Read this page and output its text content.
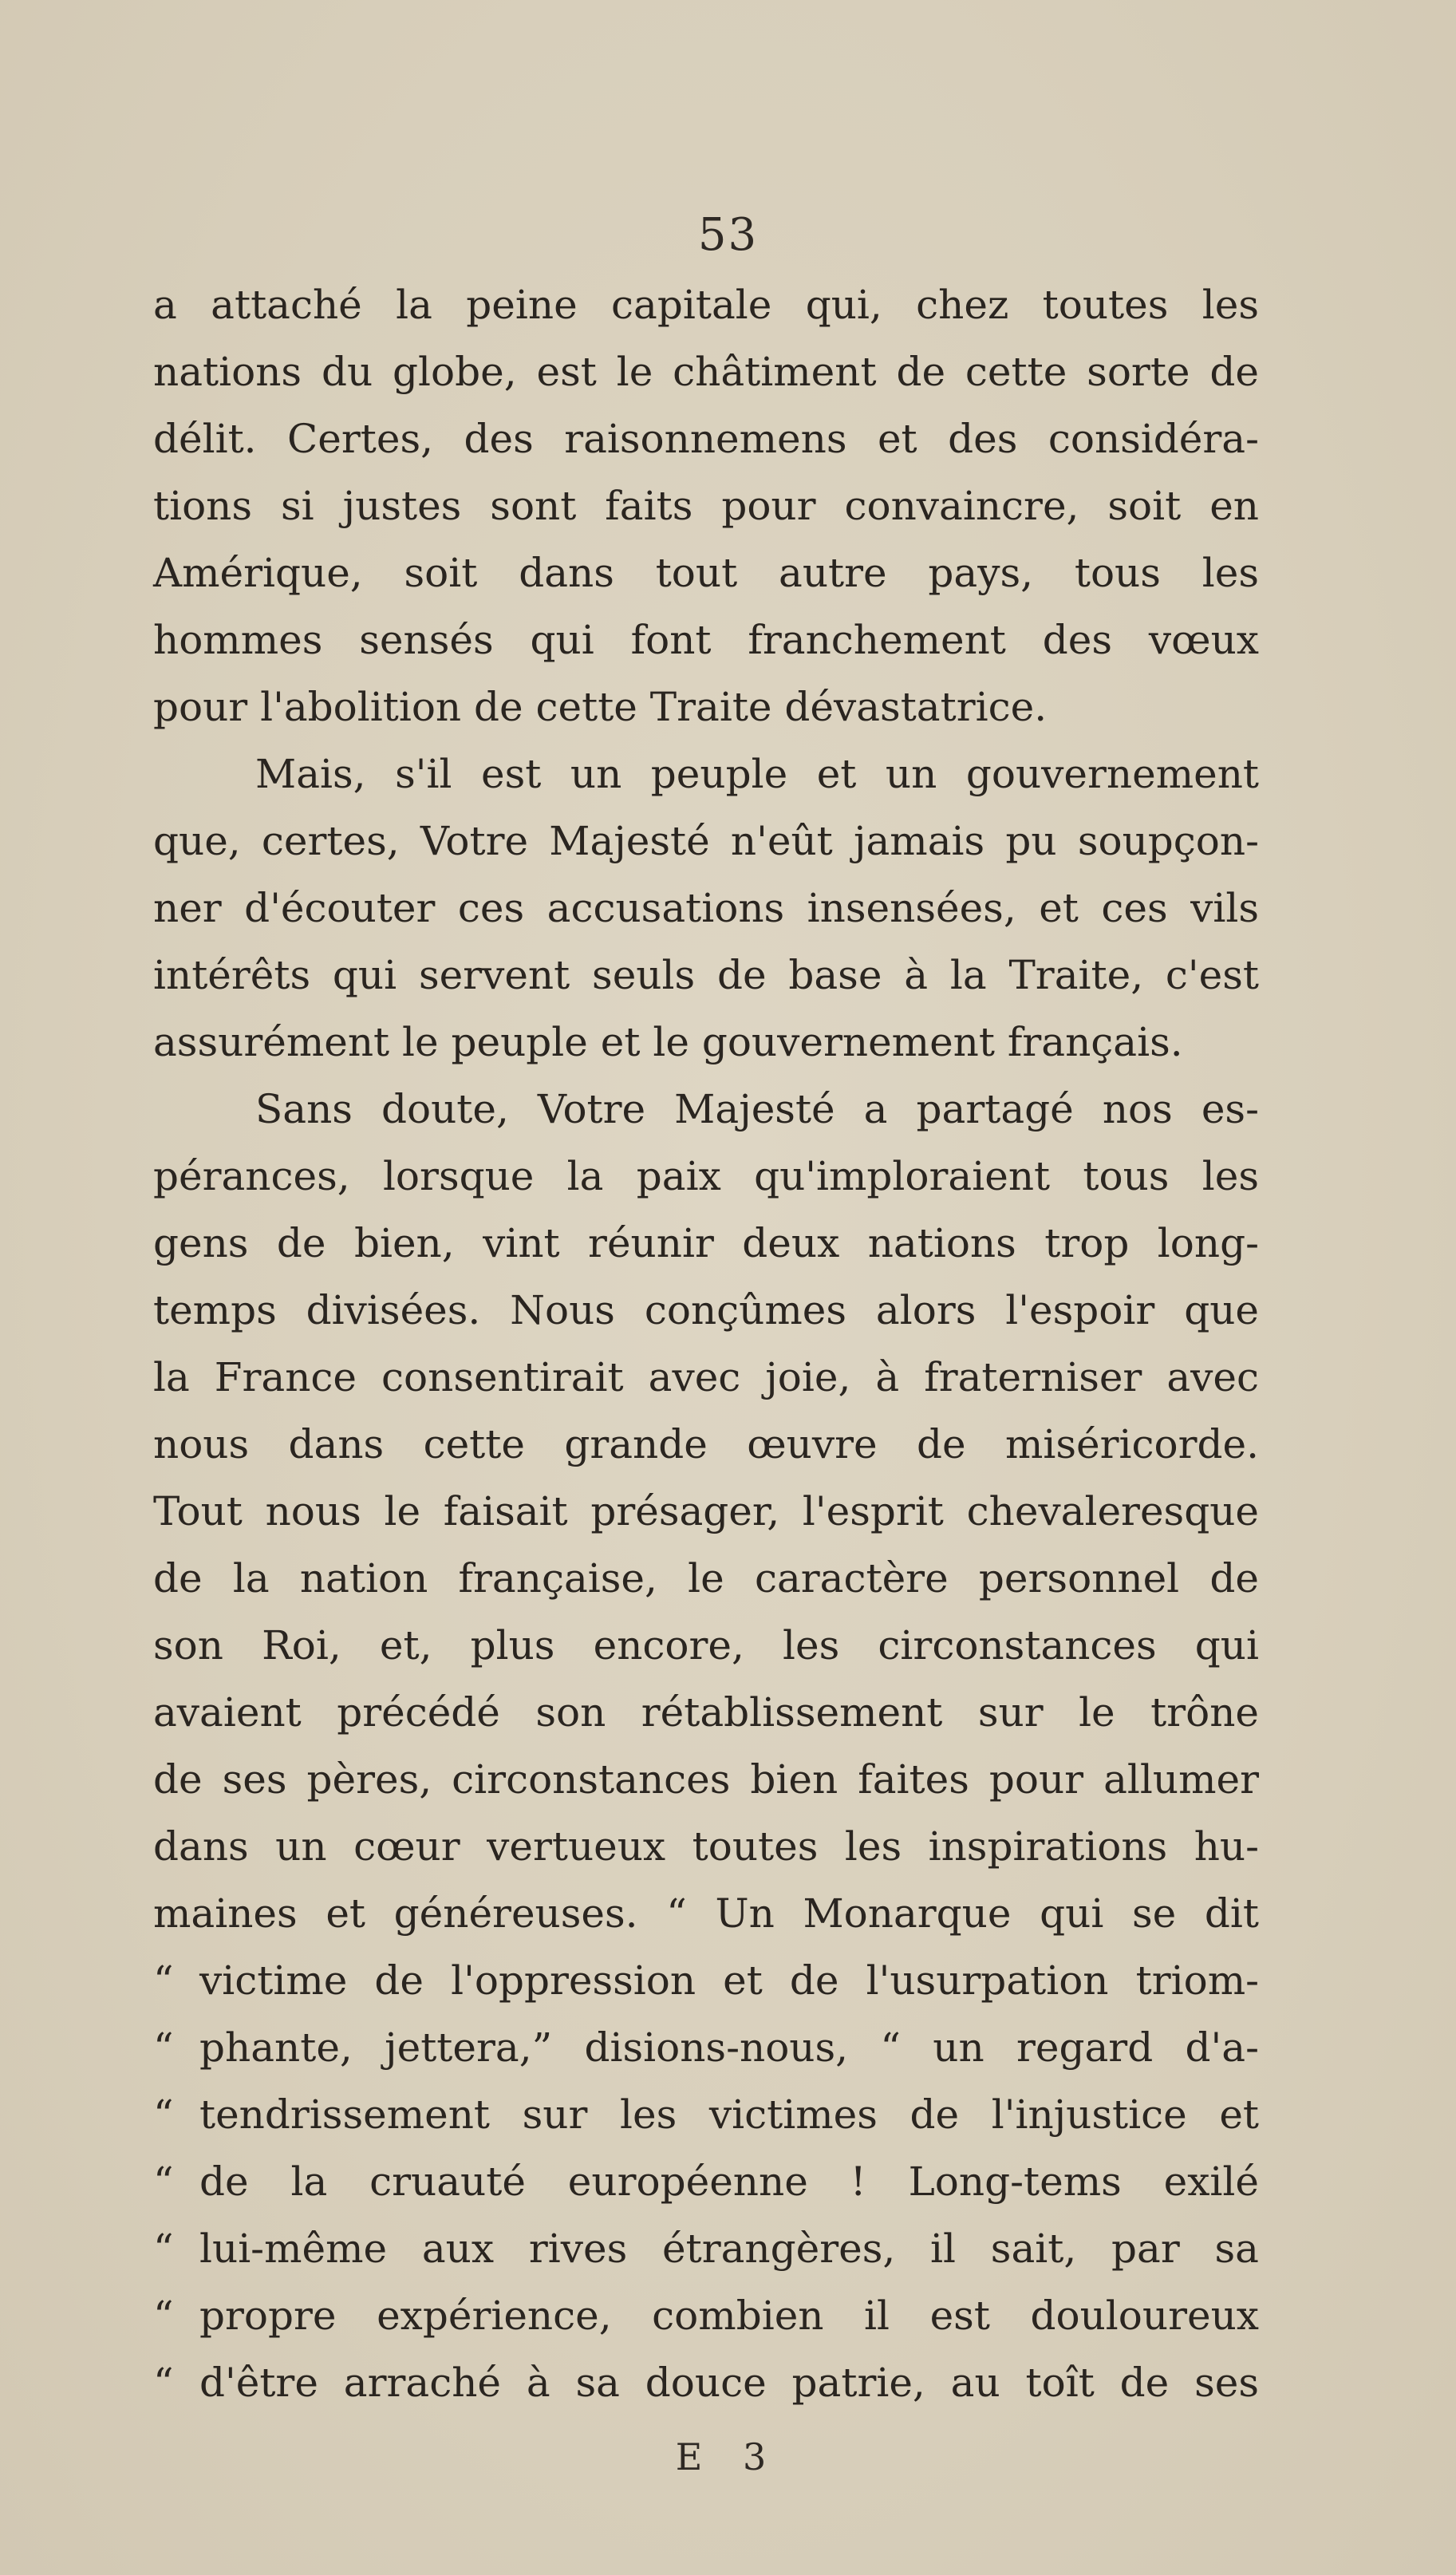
53
a attaché la peine capitale qui, chez toutes les
nations du globe, est le châtiment de cette sorte de
délit. Certes, des raisonnemens et des considéra-
tions si justes sont faits pour convaincre, soit en
Amérique, soit dans tout autre pays, tous les
hommes sensés qui font franchement des vœux
pour l'abolition de cette Traite dévastatrice.
Mais, s'il est un peuple et un gouvernement
que, certes, Votre Majesté n'eût jamais pu soupçon-
ner d'écouter ces accusations insensées, et ces vils
intérêts qui servent seuls de base à la Traite, c'est
assurément le peuple et le gouvernement français.
Sans doute, Votre Majesté a partagé nos es-
pérances, lorsque la paix qu'imploraient tous les
gens de bien, vint réunir deux nations trop long-
temps divisées. Nous conçûmes alors l'espoir que
la France consentirait avec joie, à fraterniser avec
nous dans cette grande œuvre de miséricorde.
Tout nous le faisait présager, l'esprit chevaleresque
de la nation française, le caractère personnel de
son Roi, et, plus encore, les circonstances qui
avaient précédé son rétablissement sur le trône
de ses pères, circonstances bien faites pour allumer
dans un cœur vertueux toutes les inspirations hu-
maines et généreuses. “ Un Monarque qui se dit
“ victime de l'oppression et de l'usurpation triom-
“ phante, jettera,” disions-nous, “ un regard d'a-
“ tendrissement sur les victimes de l'injustice et
“ de la cruauté européenne ! Long-tems exilé
“ lui-même aux rives étrangères, il sait, par sa
“ propre expérience, combien il est douloureux
“ d'être arraché à sa douce patrie, au toît de ses
E 3
